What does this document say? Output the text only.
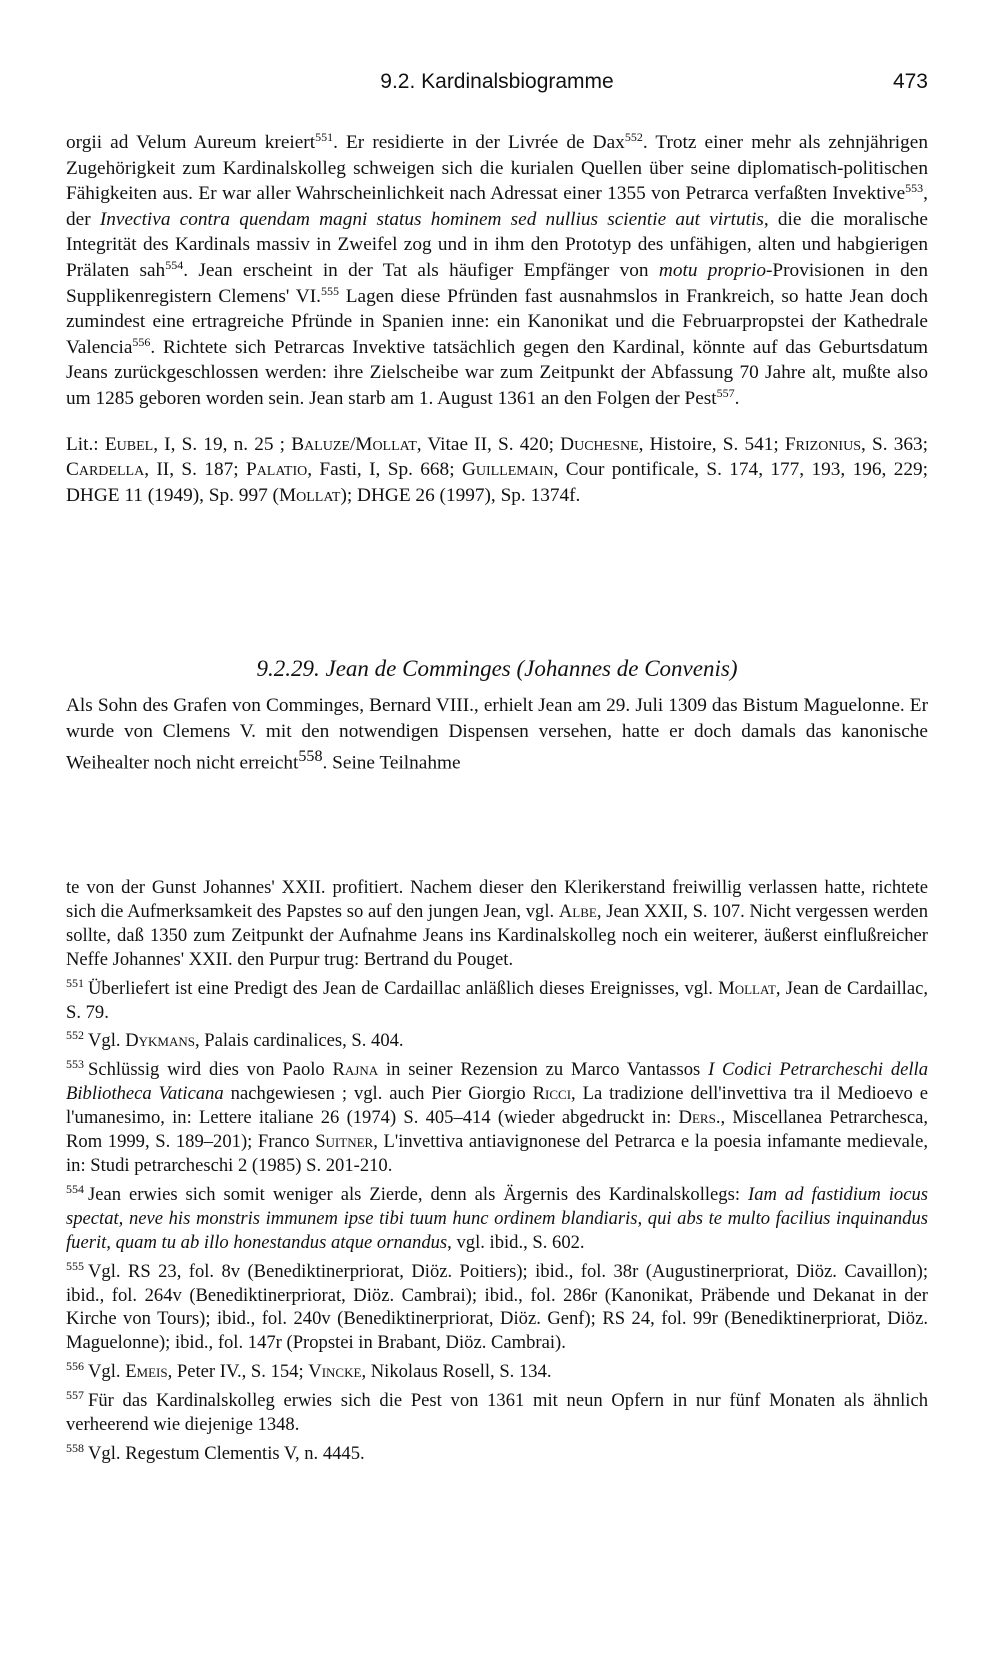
9.2. Kardinalsbiogramme	473

orgii ad Velum Aureum kreiert$^{551}$. Er residierte in der Livrée de Dax$^{552}$. Trotz einer mehr als zehnjährigen Zugehörigkeit zum Kardinalskolleg schweigen sich die kurialen Quellen über seine diplomatisch-politischen Fähigkeiten aus. Er war aller Wahrscheinlichkeit nach Adressat einer 1355 von Petrarca verfaßten Invektive$^{553}$, der Invectiva contra quendam magni status hominem sed nullius scientie aut virtutis, die die moralische Integrität des Kardinals massiv in Zweifel zog und in ihm den Prototyp des unfähigen, alten und habgierigen Prälaten sah$^{554}$. Jean erscheint in der Tat als häufiger Empfänger von motu proprio-Provisionen in den Supplikenregistern Clemens' VI.$^{555}$ Lagen diese Pfründen fast ausnahmslos in Frankreich, so hatte Jean doch zumindest eine ertragreiche Pfründe in Spanien inne: ein Kanonikat und die Februarpropstei der Kathedrale Valencia$^{556}$. Richtete sich Petrarcas Invektive tatsächlich gegen den Kardinal, könnte auf das Geburtsdatum Jeans zurückgeschlossen werden: ihre Zielscheibe war zum Zeitpunkt der Abfassung 70 Jahre alt, mußte also um 1285 geboren worden sein. Jean starb am 1. August 1361 an den Folgen der Pest$^{557}$.

Lit.: Eubel, I, S. 19, n. 25 ; Baluze/Mollat, Vitae II, S. 420; Duchesne, Histoire, S. 541; Frizonius, S. 363; Cardella, II, S. 187; Palatio, Fasti, I, Sp. 668; Guillemain, Cour pontificale, S. 174, 177, 193, 196, 229; DHGE 11 (1949), Sp. 997 (Mollat); DHGE 26 (1997), Sp. 1374f.

9.2.29. Jean de Comminges (Johannes de Convenis)

Als Sohn des Grafen von Comminges, Bernard VIII., erhielt Jean am 29. Juli 1309 das Bistum Maguelonne. Er wurde von Clemens V. mit den notwendigen Dispensen versehen, hatte er doch damals das kanonische Weihealter noch nicht erreicht$^{558}$. Seine Teilnahme

te von der Gunst Johannes' XXII. profitiert. Nachem dieser den Klerikerstand freiwillig verlassen hatte, richtete sich die Aufmerksamkeit des Papstes so auf den jungen Jean, vgl. Albe, Jean XXII, S. 107. Nicht vergessen werden sollte, daß 1350 zum Zeitpunkt der Aufnahme Jeans ins Kardinalskolleg noch ein weiterer, äußerst einflußreicher Neffe Johannes' XXII. den Purpur trug: Bertrand du Pouget.

$^{551}$ Überliefert ist eine Predigt des Jean de Cardaillac anläßlich dieses Ereignisses, vgl. Mollat, Jean de Cardaillac, S. 79.

$^{552}$ Vgl. Dykmans, Palais cardinalices, S. 404.

$^{553}$ Schlüssig wird dies von Paolo Rajna in seiner Rezension zu Marco Vantassos I Codici Petrarcheschi della Bibliotheca Vaticana nachgewiesen ; vgl. auch Pier Giorgio Ricci, La tradizione dell'invettiva tra il Medioevo e l'umanesimo, in: Lettere italiane 26 (1974) S. 405–414 (wieder abgedruckt in: Ders., Miscellanea Petrarchesca, Rom 1999, S. 189–201); Franco Suitner, L'invettiva antiavignonese del Petrarca e la poesia infamante medievale, in: Studi petrarcheschi 2 (1985) S. 201-210.

$^{554}$ Jean erwies sich somit weniger als Zierde, denn als Ärgernis des Kardinalskollegs: Iam ad fastidium iocus spectat, neve his monstris immunem ipse tibi tuum hunc ordinem blandiaris, qui abs te multo facilius inquinandus fuerit, quam tu ab illo honestandus atque ornandus, vgl. ibid., S. 602.

$^{555}$ Vgl. RS 23, fol. 8v (Benediktinerpriorat, Diöz. Poitiers); ibid., fol. 38r (Augustinerpriorat, Diöz. Cavaillon); ibid., fol. 264v (Benediktinerpriorat, Diöz. Cambrai); ibid., fol. 286r (Kanonikat, Präbende und Dekanat in der Kirche von Tours); ibid., fol. 240v (Benediktinerpriorat, Diöz. Genf); RS 24, fol. 99r (Benediktinerpriorat, Diöz. Maguelonne); ibid., fol. 147r (Propstei in Brabant, Diöz. Cambrai).

$^{556}$ Vgl. Emeis, Peter IV., S. 154; Vincke, Nikolaus Rosell, S. 134.

$^{557}$ Für das Kardinalskolleg erwies sich die Pest von 1361 mit neun Opfern in nur fünf Monaten als ähnlich verheerend wie diejenige 1348.

$^{558}$ Vgl. Regestum Clementis V, n. 4445.
